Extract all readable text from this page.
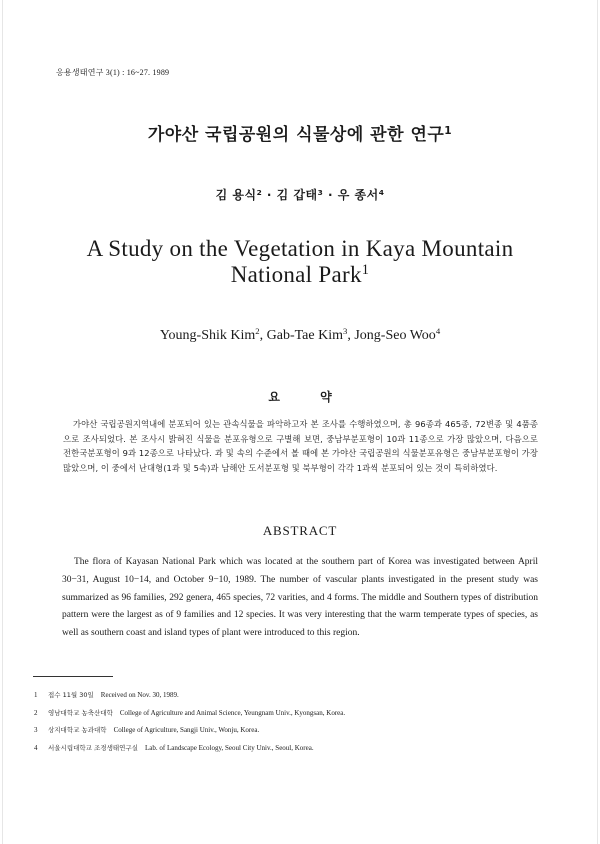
응용생태연구 3(1) : 16~27. 1989
가야산 국립공원의 식물상에 관한 연구$^1$
김 용식$^2$ · 김 갑태$^3$ · 우 종서$^4$
A Study on the Vegetation in Kaya Mountain
National Park$^1$
Young-Shik Kim$^2$, Gab-Tae Kim$^3$, Jong-Seo Woo$^4$
요 약
가야산 국립공원지역내에 분포되어 있는 관속식물을 파악하고자 본 조사를 수행하였으며, 총 96종과 465종, 72변종 및 4품종으로 조사되었다. 본 조사시 밝혀진 식물을 분포유형으로 구별해 보면, 중남부분포형이 10과 11종으로 가장 많았으며, 다음으로 전한국분포형이 9과 12종으로 나타났다. 과 및 속의 수준에서 볼 때에 본 가야산 국립공원의 식물분포유형은 중남부분포형이 가장 많았으며, 이 중에서 난대형(1과 및 5속)과 남해안 도서분포형 및 북부형이 각각 1과씩 분포되어 있는 것이 특히하였다.
ABSTRACT
The flora of Kayasan National Park which was located at the southern part of Korea was investigated between April 30−31, August 10−14, and October 9−10, 1989. The number of vascular plants investigated in the present study was summarized as 96 families, 292 genera, 465 species, 72 varities, and 4 forms. The middle and Southern types of distribution pattern were the largest as of 9 families and 12 species. It was very interesting that the warm temperate types of species, as well as southern coast and island types of plant were introduced to this region.
1 접수 11월 30일 Received on Nov. 30, 1989.
2 영남대학교 농축산대학 College of Agriculture and Animal Science, Yeungnam Univ., Kyongsan, Korea.
3 상지대학교 농과대학 College of Agriculture, Sangji Univ., Wonju, Korea.
4 서울시립대학교 조경생태연구실 Lab. of Landscape Ecology, Seoul City Univ., Seoul, Korea.
